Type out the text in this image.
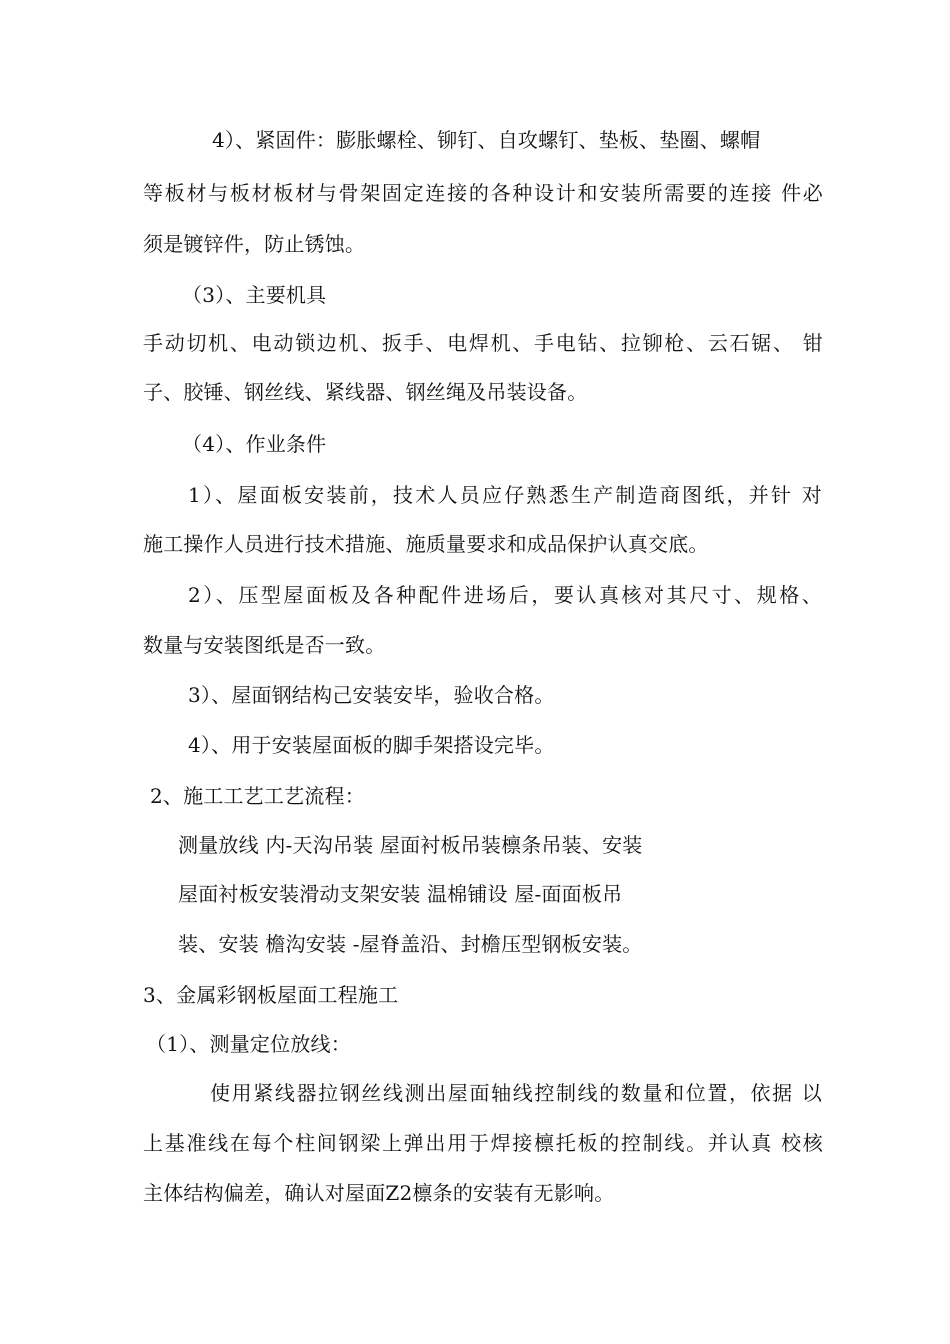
4）、紧固件：膨胀螺栓、铆钉、自攻螺钉、垫板、垫圈、螺帽
等板材与板材板材与骨架固定连接的各种设计和安装所需要的连接 件必
须是镀锌件，防止锈蚀。
（3）、主要机具
手动切机、电动锁边机、扳手、电焊机、手电钻、拉铆枪、云石锯、 钳
子、胶锤、钢丝线、紧线器、钢丝绳及吊装设备。
（4）、作业条件
1）、屋面板安装前，技术人员应仔熟悉生产制造商图纸，并针 对
施工操作人员进行技术措施、施质量要求和成品保护认真交底。
2）、压型屋面板及各种配件进场后，要认真核对其尺寸、规格、
数量与安装图纸是否一致。
3）、屋面钢结构己安装安毕，验收合格。
4）、用于安装屋面板的脚手架搭设完毕。
2、施工工艺工艺流程：
测量放线 内-天沟吊装 屋面衬板吊装檩条吊装、安装
屋面衬板安装滑动支架安装 温棉铺设 屋-面面板吊
装、安装 檐沟安装 -屋脊盖沿、封檐压型钢板安装。
3、金属彩钢板屋面工程施工
（1）、测量定位放线：
使用紧线器拉钢丝线测出屋面轴线控制线的数量和位置，依据 以
上基准线在每个柱间钢梁上弹出用于焊接檩托板的控制线。并认真 校核
主体结构偏差，确认对屋面Z2檩条的安装有无影响。
